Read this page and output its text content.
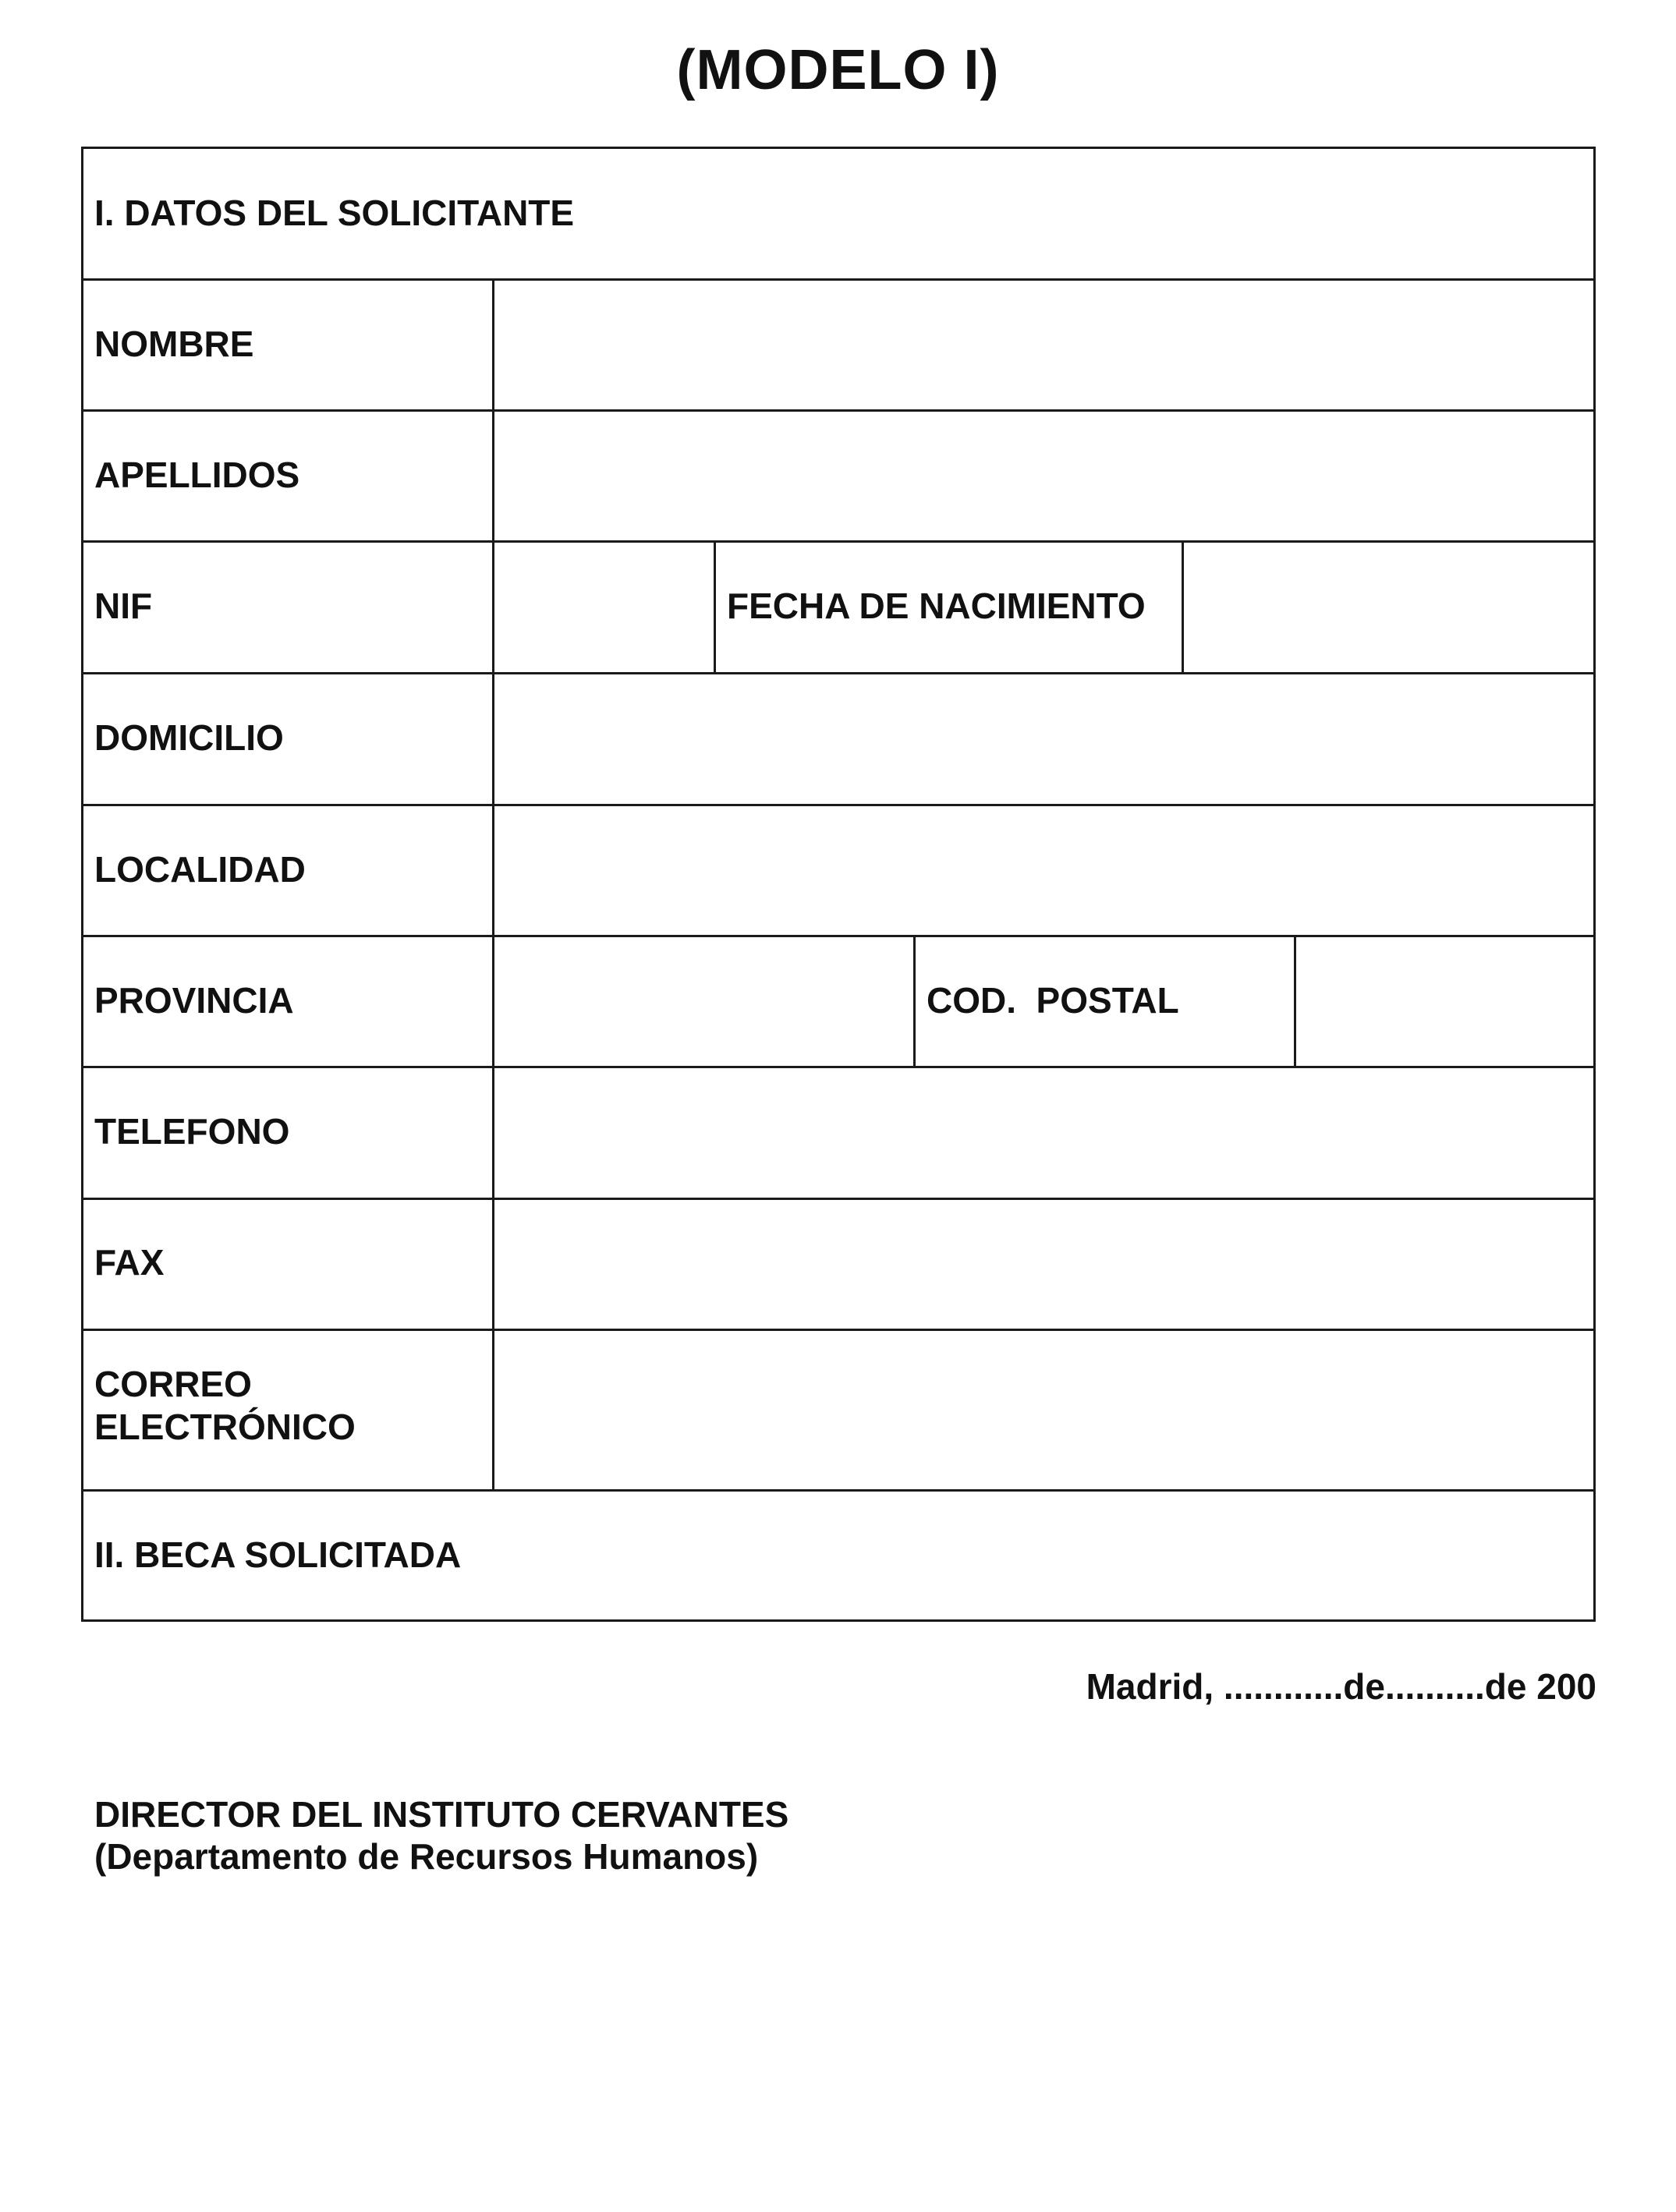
(MODELO I)
I. DATOS DEL SOLICITANTE
NOMBRE
APELLIDOS
NIF	FECHA DE NACIMIENTO
DOMICILIO
LOCALIDAD
PROVINCIA	COD.  POSTAL
TELEFONO
FAX
CORREO
ELECTRÓNICO
II. BECA SOLICITADA
Madrid, ............de..........de 200
DIRECTOR DEL INSTITUTO CERVANTES
(Departamento de Recursos Humanos)
